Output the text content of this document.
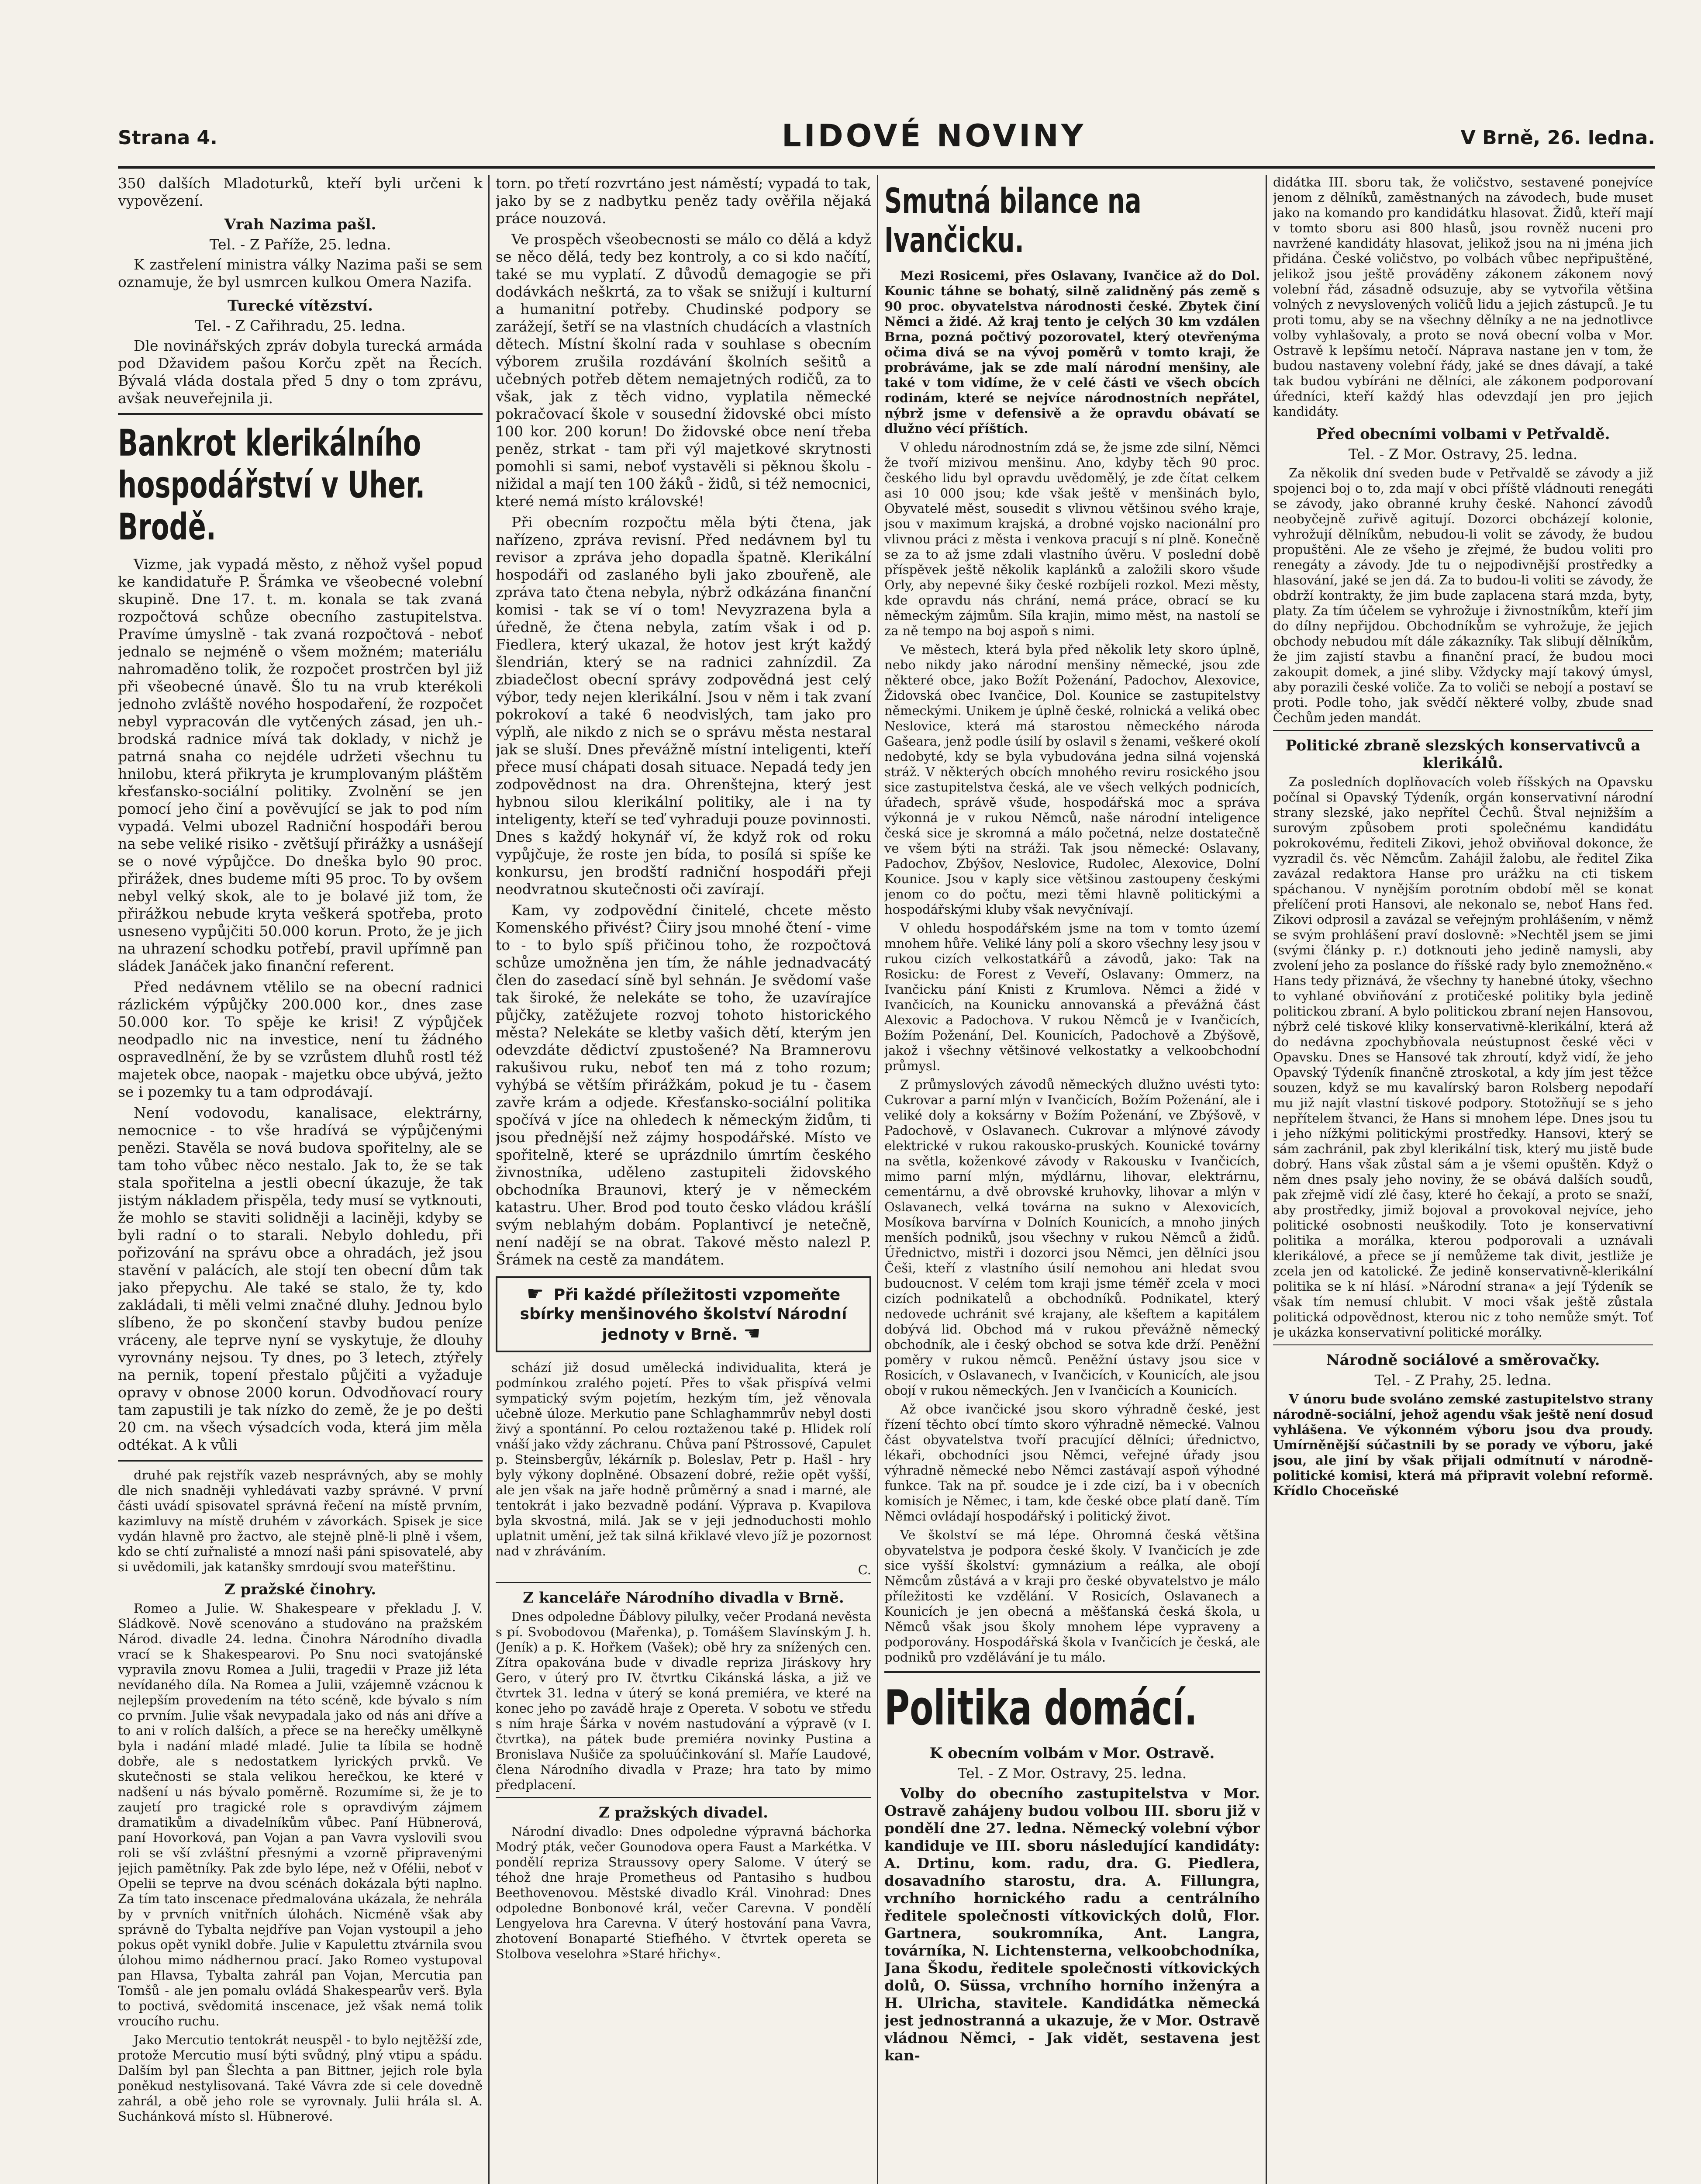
Strana 4.	LIDOVÉ NOVINY	V Brně, 26. ledna.

350 dalších Mladoturků, kteří byli určeni k vypovězení.

Vrah Nazima pašl.
Tel. - Z Paříže, 25. ledna.

K zastřelení ministra války Nazima paši se sem oznamuje, že byl usmrcen kulkou Omera Nazifa.

Turecké vítězství.
Tel. - Z Cařihradu, 25. ledna.

Dle novinářských zpráv dobyla turecká armáda pod Džavidem pašou Korču zpět na Řecích. Bývalá vláda dostala před 5 dny o tom zprávu, avšak neuveřejnila ji.

Bankrot klerikálního hospodářství v Uher. Brodě.

Vizme, jak vypadá město, z něhož vyšel popud ke kandidatuře P. Šrámka ve všeobecné volební skupině. Dne 17. t. m. konala se tak zvaná rozpočtová schůze obecního zastupitelstva. Pravíme úmyslně - tak zvaná rozpočtová - neboť jednalo se nejméně o všem možném; materiálu nahromaděno tolik, že rozpočet prostrčen byl již při všeobecné únavě. Šlo tu na vrub kterékoli jednoho zvláště nového hospodaření, že rozpočet nebyl vypracován dle vytčených zásad, jen uh.-brodská radnice mívá tak doklady, v nichž je patrná snaha co nejdéle udržeti všechnu tu hnilobu, která přikryta je krumplovaným pláštěm křesťansko-sociální politiky. Zvolnění se jen pomocí jeho činí a pověvující se jak to pod ním vypadá. Velmi ubozel Radniční hospodáři berou na sebe veliké risiko - zvětšují přirážky a usnášejí se o nové výpůjčce. Do dneška bylo 90 proc. přirážek, dnes budeme míti 95 proc. To by ovšem nebyl velký skok, ale to je bolavé již tom, že přirážkou nebude kryta veškerá spotřeba, proto usneseno vypůjčiti 50.000 korun. Proto, že je jich na uhrazení schodku potřebí, pravil upřímně pan sládek Janáček jako finanční referent.

Před nedávnem vtělilo se na obecní radnici rázlickém výpůjčky 200.000 kor., dnes zase 50.000 kor. To spěje ke krisi! Z výpůjček neodpadlo nic na investice, není tu žádného ospravedlnění, že by se vzrůstem dluhů rostl též majetek obce, naopak - majetku obce ubývá, ježto se i pozemky tu a tam odprodávají.

Není vodovodu, kanalisace, elektrárny, nemocnice - to vše hradívá se výpůjčenými penězi. Stavěla se nová budova spořitelny, ale se tam toho vůbec něco nestalo. Jak to, že se tak stala spořitelna a jestli obecní úkazuje, že tak jistým nákladem přispěla, tedy musí se vytknouti, že mohlo se staviti solidněji a laciněji, kdyby se byli radní o to starali. Nebylo dohledu, při pořizování na správu obce a ohradách, jež jsou stavění v palácích, ale stojí ten obecní dům tak jako přepychu. Ale také se stalo, že ty, kdo zakládali, ti měli velmi značné dluhy. Jednou bylo slíbeno, že po skončení stavby budou peníze vráceny, ale teprve nyní se vyskytuje, že dlouhy vyrovnány nejsou. Ty dnes, po 3 letech, ztýřely na pernik, topení přestalo půjčiti a vyžaduje opravy v obnose 2000 korun. Odvodňovací roury tam zapustili je tak nízko do země, že je po dešti 20 cm. na všech výsadcích voda, která jim měla odtékat. A k vůli

druhé pak rejstřík vazeb nesprávných, aby se mohly dle nich snadněji vyhledávati vazby správné. V první části uvádí spisovatel správná řečení na místě prvním, kazimluvy na místě druhém v závorkách. Spisek je sice vydán hlavně pro žactvo, ale stejně plně-li plně i všem, kdo se chtí zuřnalisté a mnozí naši páni spisovatelé, aby si uvědomili, jak katanšky smrdoují svou mateřštinu.

Z pražské činohry.

Romeo a Julie. W. Shakespeare v překladu J. V. Sládkově. Nově scenováno a studováno na pražském Národ. divadle 24. ledna. Činohra Národního divadla vrací se k Shakespearovi. Po Snu noci svatojánské vypravila znovu Romea a Julii, tragedii v Praze již léta nevídaného díla. Na Romea a Julii, vzájemně vzácnou k nejlepším provedením na této scéně, kde bývalo s ním co prvním. Julie však nevypadala jako od nás ani dříve a to ani v rolích dalších, a přece se na herečky umělkyně byla i nadání mladé mladé. Julie ta líbila se hodně dobře, ale s nedostatkem lyrických prvků. Ve skutečnosti se stala velikou herečkou, ke které v nadšení u nás bývalo poměrně. Rozumíme si, že je to zaujetí pro tragické role s opravdivým zájmem dramatikům a divadelníkům vůbec. Paní Hübnerová, paní Hovorková, pan Vojan a pan Vavra vyslovili svou roli se vší zvláštní přesnými a vzorně připravenými jejich pamětníky. Pak zde bylo lépe, než v Ofélii, neboť v Opelii se teprve na dvou scénách dokázala býti naplno. Za tím tato inscenace předmalována ukázala, že nehrála by v prvních vnitřních úlohách. Nicméně však aby správně do Tybalta nejdříve pan Vojan vystoupil a jeho pokus opět vynikl dobře. Julie v Kapulettu ztvárnila svou úlohou mimo nádhernou prací. Jako Romeo vystupoval pan Hlavsa, Tybalta zahrál pan Vojan, Mercutia pan Tomšů - ale jen pomalu ovládá Shakespearův verš. Byla to poctivá, svědomitá inscenace, jež však nemá tolik vroucího ruchu.

Jako Mercutio tentokrát neuspěl - to bylo nejtěžší zde, protože Mercutio musí býti svůdný, plný vtipu a spádu. Dalším byl pan Šlechta a pan Bittner, jejich role byla poněkud nestylisovaná. Také Vávra zde si cele dovedně zahrál, a obě jeho role se vyrovnaly. Julii hrála sl. A. Suchánková místo sl. Hübnerové.

torn. po třetí rozvrtáno jest náměstí; vypadá to tak, jako by se z nadbytku peněz tady ověřila nějaká práce nouzová.

Ve prospěch všeobecnosti se málo co dělá a když se něco dělá, tedy bez kontroly, a co si kdo načítí, také se mu vyplatí. Z důvodů demagogie se při dodávkách neškrtá, za to však se snižují i kulturní a humanitní potřeby. Chudinské podpory se zarážejí, šetří se na vlastních chudácích a vlastních dětech. Místní školní rada v souhlase s obecním výborem zrušila rozdávání školních sešitů a učebných potřeb dětem nemajetných rodičů, za to však, jak z těch vidno, vyplatila německé pokračovací škole v sousední židovské obci místo 100 kor. 200 korun! Do židovské obce není třeba peněz, strkat - tam při výl majetkové skrytnosti pomohli si sami, neboť vystavěli si pěknou školu - nižidal a mají ten 100 žáků - židů, si též nemocnici, které nemá místo královské!

Při obecním rozpočtu měla býti čtena, jak nařízeno, zpráva revisní. Před nedávnem byl tu revisor a zpráva jeho dopadla špatně. Klerikální hospodáři od zaslaného byli jako zbouřeně, ale zpráva tato čtena nebyla, nýbrž odkázána finanční komisi - tak se ví o tom! Nevyzrazena byla a úředně, že čtena nebyla, zatím však i od p. Fiedlera, který ukazal, že hotov jest krýt každý šlendrián, který se na radnici zahnízdil. Za zbiadečlost obecní správy zodpovědná jest celý výbor, tedy nejen klerikální. Jsou v něm i tak zvaní pokrokoví a také 6 neodvislých, tam jako pro výplň, ale nikdo z nich se o správu města nestaral jak se sluší. Dnes převážně místní inteligenti, kteří přece musí chápati dosah situace. Nepadá tedy jen zodpovědnost na dra. Ohrenštejna, který jest hybnou silou klerikální politiky, ale i na ty inteligenty, kteří se teď vyhraduji pouze povinnosti. Dnes s každý hokynář ví, že když rok od roku vypůjčuje, že roste jen bída, to posílá si spíše ke konkursu, jen brodští radniční hospodáři přeji neodvratnou skutečnosti oči zavírají.

Kam, vy zodpovědní činitelé, chcete město Komenského přivést? Čiiry jsou mnohé čtení - vime to - to bylo spíš přičinou toho, že rozpočtová schůze umožněna jen tím, že náhle jednadvacátý člen do zasedací síně byl sehnán. Je svědomí vaše tak široké, že nelekáte se toho, že uzavírajíce půjčky, zatěžujete rozvoj tohoto historického města? Nelekáte se kletby vašich dětí, kterým jen odevzdáte dědictví zpustošené? Na Bramnerovu rakušivou ruku, neboť ten má z toho rozum; vyhýbá se větším přirážkám, pokud je tu - časem zavře krám a odjede. Křesťansko-sociální politika spočívá v jíce na ohledech k německým židům, ti jsou přednější než zájmy hospodářské. Místo ve spořitelně, které se uprázdnilo úmrtím českého živnostníka, uděleno zastupiteli židovského obchodníka Braunovi, který je v německém katastru. Uher. Brod pod touto česko vládou krášlí svým neblahým dobám. Poplantivcí je netečně, není nadějí se na obrat. Takové město nalezl P. Šrámek na cestě za mandátem.

☛ Při každé příležitosti vzpomeňte sbírky menšinového školství Národní jednoty v Brně. ☚

schází již dosud umělecká individualita, která je podmínkou zralého pojetí. Přes to však přispívá velmi sympatický svým pojetím, hezkým tím, jež věnovala učebně úloze. Merkutio pane Schlaghammrův nebyl dosti živý a spontánní. Po celou roztaženou také p. Hlidek rolí vnáší jako vždy záchranu. Chůva paní Pštrossové, Capulet p. Steinsbergův, lékárník p. Boleslav, Petr p. Hašl - hry byly výkony doplněné. Obsazení dobré, režie opět vyšší, ale jen však na jaře hodně průměrný a snad i marné, ale tentokrát i jako bezvadně podání. Výprava p. Kvapilova byla skvostná, milá. Jak se v jeji jednoduchosti mohlo uplatnit umění, jež tak silná křiklavé vlevo jíž je pozornost nad v zhráváním.

C.
Z kanceláře Národního divadla v Brně.

Dnes odpoledne Ďáblovy pilulky, večer Prodaná nevěsta s pí. Svobodovou (Mařenka), p. Tomášem Slavínským J. h. (Jeník) a p. K. Hořkem (Vašek); obě hry za snížených cen. Zítra opakována bude v divadle repriza Jiráskovy hry Gero, v úterý pro IV. čtvrtku Cikánská láska, a již ve čtvrtek 31. ledna v úterý se koná premiéra, ve které na konec jeho po zavádě hraje z Opereta. V sobotu ve středu s ním hraje Šárka v novém nastudování a výpravě (v I. čtvrtka), na pátek bude premiéra novinky Pustina a Bronislava Nušiče za spoluúčinkování sl. Maříe Laudové, člena Národního divadla v Praze; hra tato by mimo předplacení.

Z pražských divadel.

Národní divadlo: Dnes odpoledne výpravná báchorka Modrý pták, večer Gounodova opera Faust a Markétka. V pondělí repriza Straussovy opery Salome. V úterý se téhož dne hraje Prometheus od Pantasiho s hudbou Beethovenovou. Městské divadlo Král. Vinohrad: Dnes odpoledne Bonbonové král, večer Carevna. V pondělí Lengyelova hra Carevna. V úterý hostování pana Vavra, zhotovení Bonaparté Stiefhého. V čtvrtek opereta se Stolbova veselohra »Staré hřichy«.

Smutná bilance na Ivančicku.

Mezi Rosicemi, přes Oslavany, Ivančice až do Dol. Kounic táhne se bohatý, silně zalidněný pás země s 90 proc. obyvatelstva národnosti české. Zbytek činí Němci a židé. Až kraj tento je celých 30 km vzdálen Brna, pozná počtivý pozorovatel, který otevřenýma očima divá se na vývoj poměrů v tomto kraji, že probráváme, jak se zde malí národní menšiny, ale také v tom vidíme, že v celé části ve všech obcích rodinám, které se nejvíce národnostních nepřátel, nýbrž jsme v defensivě a že opravdu obávatí se dlužno vécí příštích.

V ohledu národnostním zdá se, že jsme zde silní, Němci že tvoří mizivou menšinu. Ano, kdyby těch 90 proc. českého lidu byl opravdu uvědomělý, je zde čítat celkem asi 10 000 jsou; kde však ještě v menšinách bylo, Obyvatelé měst, sousedit s vlivnou většinou svého kraje, jsou v maximum krajská, a drobné vojsko nacionální pro vlivnou práci z města i venkova pracují s ní plně. Konečně se za to až jsme zdali vlastního úvěru. V poslední době příspěvek ještě několik kaplánků a založili skoro všude Orly, aby nepevné šiky české rozbíjeli rozkol. Mezi městy, kde opravdu nás chrání, nemá práce, obrací se ku německým zájmům. Síla krajin, mimo měst, na nastolí se za ně tempo na boj aspoň s nimi.

Ve městech, která byla před několik lety skoro úplně, nebo nikdy jako národní menšiny německé, jsou zde některé obce, jako Božít Poženání, Padochov, Alexovice, Židovská obec Ivančice, Dol. Kounice se zastupitelstvy německými. Unikem je úplně české, rolnická a veliká obec Neslovice, která má starostou německého národa Gašeara, jenž podle úsilí by oslavil s ženami, veškeré okolí nedobyté, kdy se byla vybudována jedna silná vojenská stráž. V některých obcích mnohého reviru rosického jsou sice zastupitelstva česká, ale ve všech velkých podnicích, úřadech, správě všude, hospodářská moc a správa výkonná je v rukou Němců, naše národní inteligence česká sice je skromná a málo početná, nelze dostatečně ve všem býti na stráži. Tak jsou německé: Oslavany, Padochov, Zbýšov, Neslovice, Rudolec, Alexovice, Dolní Kounice. Jsou v kaply sice většinou zastoupeny českými jenom co do počtu, mezi těmi hlavně politickými a hospodářskými kluby však nevyčnívají.

V ohledu hospodářském jsme na tom v tomto území mnohem hůře. Veliké lány polí a skoro všechny lesy jsou v rukou cizích velkostatkářů a závodů, jako: Tak na Rosicku: de Forest z Veveří, Oslavany: Ommerz, na Ivančicku pání Knisti z Krumlova. Němci a židé v Ivančicích, na Kounicku annovanská a převážná část Alexovic a Padochova. V rukou Němců je v Ivančicích, Božím Poženání, Del. Kounicích, Padochově a Zbýšově, jakož i všechny většinové velkostatky a velkoobchodní průmysl.

Z průmyslových závodů německých dlužno uvésti tyto: Cukrovar a parní mlýn v Ivančicích, Božím Poženání, ale i veliké doly a koksárny v Božím Poženání, ve Zbýšově, v Padochově, v Oslavanech. Cukrovar a mlýnové závody elektrické v rukou rakousko-pruských. Kounické továrny na světla, koženkové závody v Rakousku v Ivančicích, mimo parní mlýn, mýdlárnu, lihovar, elektrárnu, cementárnu, a dvě obrovské kruhovky, lihovar a mlýn v Oslavanech, velká továrna na sukno v Alexovicích, Mosíkova barvírna v Dolních Kounicích, a mnoho jiných menších podniků, jsou všechny v rukou Němců a židů. Úřednictvo, mistři i dozorci jsou Němci, jen dělníci jsou Češi, kteří z vlastního úsilí nemohou ani hledat svou budoucnost. V celém tom kraji jsme téměř zcela v moci cizích podnikatelů a obchodníků. Podnikatel, který nedovede uchránit své krajany, ale kšeftem a kapitálem dobývá lid. Obchod má v rukou převážně německý obchodník, ale i český obchod se sotva kde drží. Peněžní poměry v rukou němců. Peněžní ústavy jsou sice v Rosicích, v Oslavanech, v Ivančicích, v Kounicích, ale jsou obojí v rukou německých. Jen v Ivančicích a Kounicích.

Až obce ivančické jsou skoro výhradně české, jest řízení těchto obcí tímto skoro výhradně německé. Valnou část obyvatelstva tvoří pracující dělníci; úřednictvo, lékaři, obchodníci jsou Němci, veřejné úřady jsou výhradně německé nebo Němci zastávají aspoň výhodné funkce. Tak na př. soudce je i zde cizí, ba i v obecních komisích je Němec, i tam, kde české obce platí daně. Tím Němci ovládají hospodářský i politický život.

Ve školství se má lépe. Ohromná česká většina obyvatelstva je podpora české školy. V Ivančicích je zde sice vyšší školství: gymnázium a reálka, ale obojí Němcům zůstává a v kraji pro české obyvatelstvo je málo příležitosti ke vzdělání. V Rosicích, Oslavanech a Kounicích je jen obecná a měšťanská česká škola, u Němců však jsou školy mnohem lépe vypraveny a podporovány. Hospodářská škola v Ivančicích je česká, ale podniků pro vzdělávání je tu málo.

Politika domácí.
K obecním volbám v Mor. Ostravě.
Tel. - Z Mor. Ostravy, 25. ledna.

Volby do obecního zastupitelstva v Mor. Ostravě zahájeny budou volbou III. sboru již v pondělí dne 27. ledna. Německý volební výbor kandiduje ve III. sboru následující kandidáty: A. Drtinu, kom. radu, dra. G. Piedlera, dosavadního starostu, dra. A. Fillungra, vrchního hornického radu a centrálního ředitele společnosti vítkovických dolů, Flor. Gartnera, soukromníka, Ant. Langra, továrníka, N. Lichtensterna, velkoobchodníka, Jana Škodu, ředitele společnosti vítkovických dolů, O. Süssa, vrchního horního inženýra a H. Ulricha, stavitele. Kandidátka německá jest jednostranná a ukazuje, že v Mor. Ostravě vládnou Němci, - Jak vidět, sestavena jest kan-

didátka III. sboru tak, že voličstvo, sestavené ponejvíce jenom z dělníků, zaměstnaných na závodech, bude muset jako na komando pro kandidátku hlasovat. Židů, kteří mají v tomto sboru asi 800 hlasů, jsou rovněž nuceni pro navržené kandidáty hlasovat, jelikož jsou na ni jména jich přidána. České voličstvo, po volbách vůbec nepřipuštěné, jelikož jsou ještě prováděny zákonem zákonem nový volební řád, zásadně odsuzuje, aby se vytvořila většina volných z nevyslovených voličů lidu a jejich zástupců. Je tu proti tomu, aby se na všechny dělníky a ne na jednotlivce volby vyhlašovaly, a proto se nová obecní volba v Mor. Ostravě k lepšímu netočí. Náprava nastane jen v tom, že budou nastaveny volební řády, jaké se dnes dávají, a také tak budou vybíráni ne dělníci, ale zákonem podporovaní úředníci, kteří každý hlas odevzdají jen pro jejich kandidáty.

Před obecními volbami v Petřvaldě.
Tel. - Z Mor. Ostravy, 25. ledna.

Za několik dní sveden bude v Petřvaldě se závody a již spojenci boj o to, zda mají v obci příště vládnouti renegáti se závody, jako obranné kruhy české. Nahoncí závodů neobyčejně zuřivě agitují. Dozorci obcházejí kolonie, vyhrožují dělníkům, nebudou-li volit se závody, že budou propuštěni. Ale ze všeho je zřejmé, že budou voliti pro renegáty a závody. Jde tu o nejpodivnější prostředky a hlasování, jaké se jen dá. Za to budou-li voliti se závody, že obdrží kontrakty, že jim bude zaplacena stará mzda, byty, platy. Za tím účelem se vyhrožuje i živnostníkům, kteří jim do dílny nepřijdou. Obchodníkům se vyhrožuje, že jejich obchody nebudou mít dále zákazníky. Tak slibují dělníkům, že jim zajistí stavbu a finanční prací, že budou moci zakoupit domek, a jiné sliby. Vždycky mají takový úmysl, aby porazili české voliče. Za to voliči se nebojí a postaví se proti. Podle toho, jak svědčí některé volby, zbude snad Čechům jeden mandát.

Politické zbraně slezských konservativců a klerikálů.

Za posledních doplňovacích voleb říšských na Opavsku počínal si Opavský Týdeník, orgán konservativní národní strany slezské, jako nepřítel Čechů. Štval nejnižším a surovým způsobem proti společnému kandidátu pokrokovému, řediteli Zikovi, jehož obviňoval dokonce, že vyzradil čs. věc Němcům. Zahájil žalobu, ale ředitel Zika zavázal redaktora Hanse pro urážku na cti tiskem spáchanou. V nynějším porotním období měl se konat přelíčení proti Hansovi, ale nekonalo se, neboť Hans řed. Zikovi odprosil a zavázal se veřejným prohlášením, v němž se svým prohlášení praví doslovně: »Nechtěl jsem se jimi (svými články p. r.) dotknouti jeho jedině namysli, aby zvolení jeho za poslance do říšské rady bylo znemožněno.« Hans tedy přiznává, že všechny ty hanebné útoky, všechno to vyhlané obviňování z protičeské politiky byla jedině politickou zbraní. A bylo politickou zbraní nejen Hansovou, nýbrž celé tiskové kliky konservativně-klerikální, která až do nedávna zpochybňovala neústupnost české věci v Opavsku. Dnes se Hansové tak zhroutí, když vidí, že jeho Opavský Týdeník finančně ztroskotal, a kdy jím jest těžce souzen, když se mu kavalírský baron Rolsberg nepodaří mu již najít vlastní tiskové podpory. Stotožňují se s jeho nepřítelem štvanci, že Hans si mnohem lépe. Dnes jsou tu i jeho nížkými politickými prostředky. Hansovi, který se sám zachránil, pak zbyl klerikální tisk, který mu jistě bude dobrý. Hans však zůstal sám a je všemi opuštěn. Když o něm dnes psaly jeho noviny, že se obává dalších soudů, pak zřejmě vidí zlé časy, které ho čekají, a proto se snaží, aby prostředky, jimiž bojoval a provokoval nejvíce, jeho politické osobnosti neuškodily. Toto je konservativní politika a morálka, kterou podporovali a uznávali klerikálové, a přece se jí nemůžeme tak divit, jestliže je zcela jen od katolické. Že jedině konservativně-klerikální politika se k ní hlásí. »Národní strana« a její Týdeník se však tím nemusí chlubit. V moci však ještě zůstala politická odpovědnost, kterou nic z toho nemůže smýt. Toť je ukázka konservativní politické morálky.

Národně sociálové a směrovačky.
Tel. - Z Prahy, 25. ledna.

V únoru bude svoláno zemské zastupitelstvo strany národně-sociální, jehož agendu však ještě není dosud vyhlášena. Ve výkonném výboru jsou dva proudy. Umírněnější súčastnili by se porady ve výboru, jaké jsou, ale jiní by však přijali odmítnutí v národně-politické komisi, která má připravit volební reformě. Křídlo Choceňské
